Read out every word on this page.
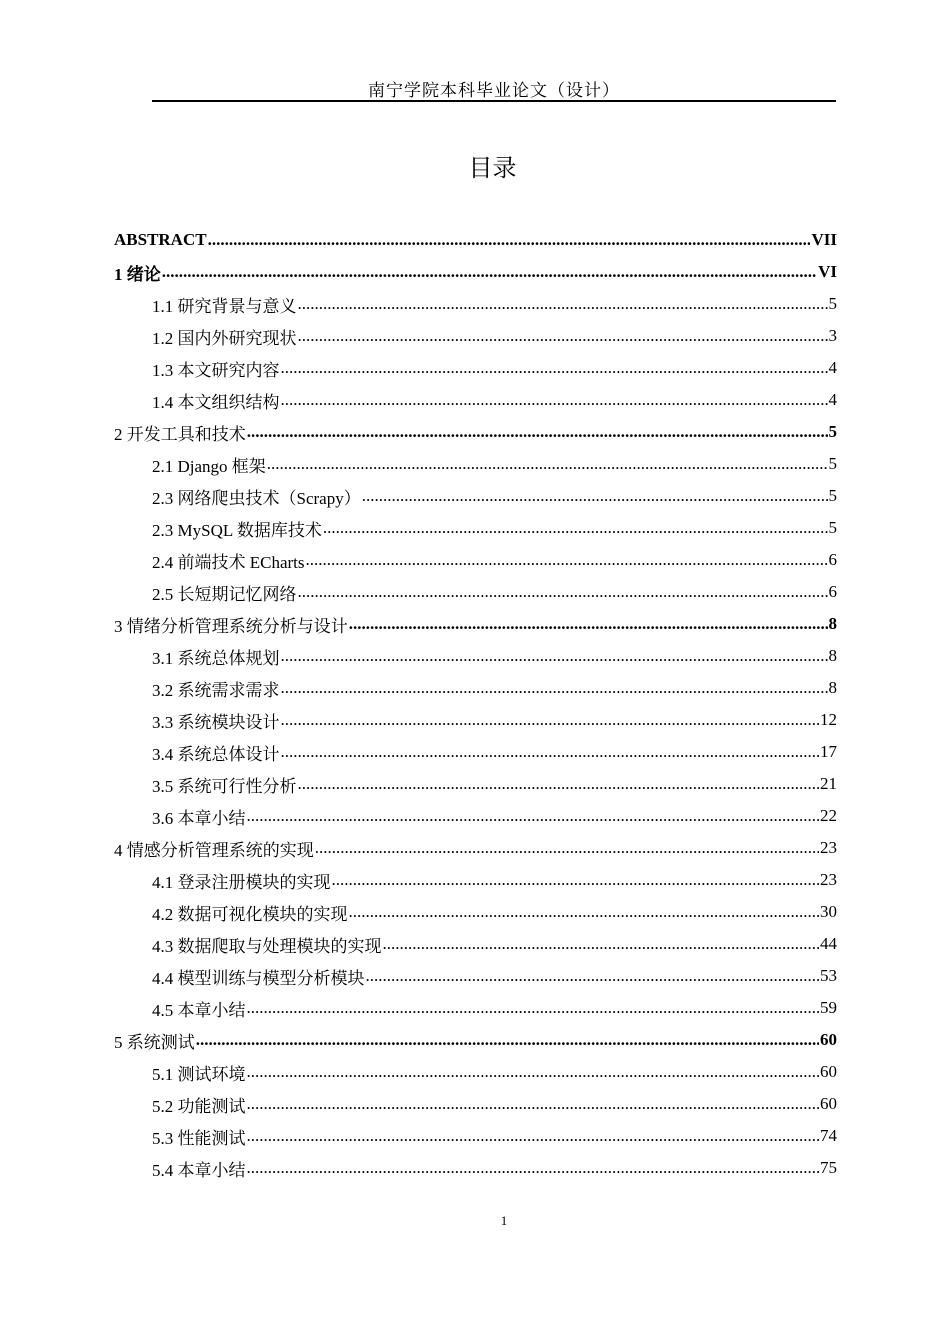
南宁学院本科毕业论文（设计）
目录
ABSTRACT .....	VII
1 绪论 .....	VI
1.1 研究背景与意义 .....	5
1.2 国内外研究现状 .....	3
1.3 本文研究内容 .....	4
1.4 本文组织结构 .....	4
2 开发工具和技术 .....	5
2.1 Django 框架 .....	5
2.3 网络爬虫技术（Scrapy） .....	5
2.3 MySQL 数据库技术 .....	5
2.4 前端技术 ECharts .....	6
2.5 长短期记忆网络 .....	6
3 情绪分析管理系统分析与设计 .....	8
3.1 系统总体规划 .....	8
3.2 系统需求需求 .....	8
3.3 系统模块设计 .....	12
3.4 系统总体设计 .....	17
3.5 系统可行性分析 .....	21
3.6 本章小结 .....	22
4 情感分析管理系统的实现 .....	23
4.1 登录注册模块的实现 .....	23
4.2 数据可视化模块的实现 .....	30
4.3 数据爬取与处理模块的实现 .....	44
4.4 模型训练与模型分析模块 .....	53
4.5 本章小结 .....	59
5 系统测试 .....	60
5.1 测试环境 .....	60
5.2 功能测试 .....	60
5.3 性能测试 .....	74
5.4 本章小结 .....	75
1
